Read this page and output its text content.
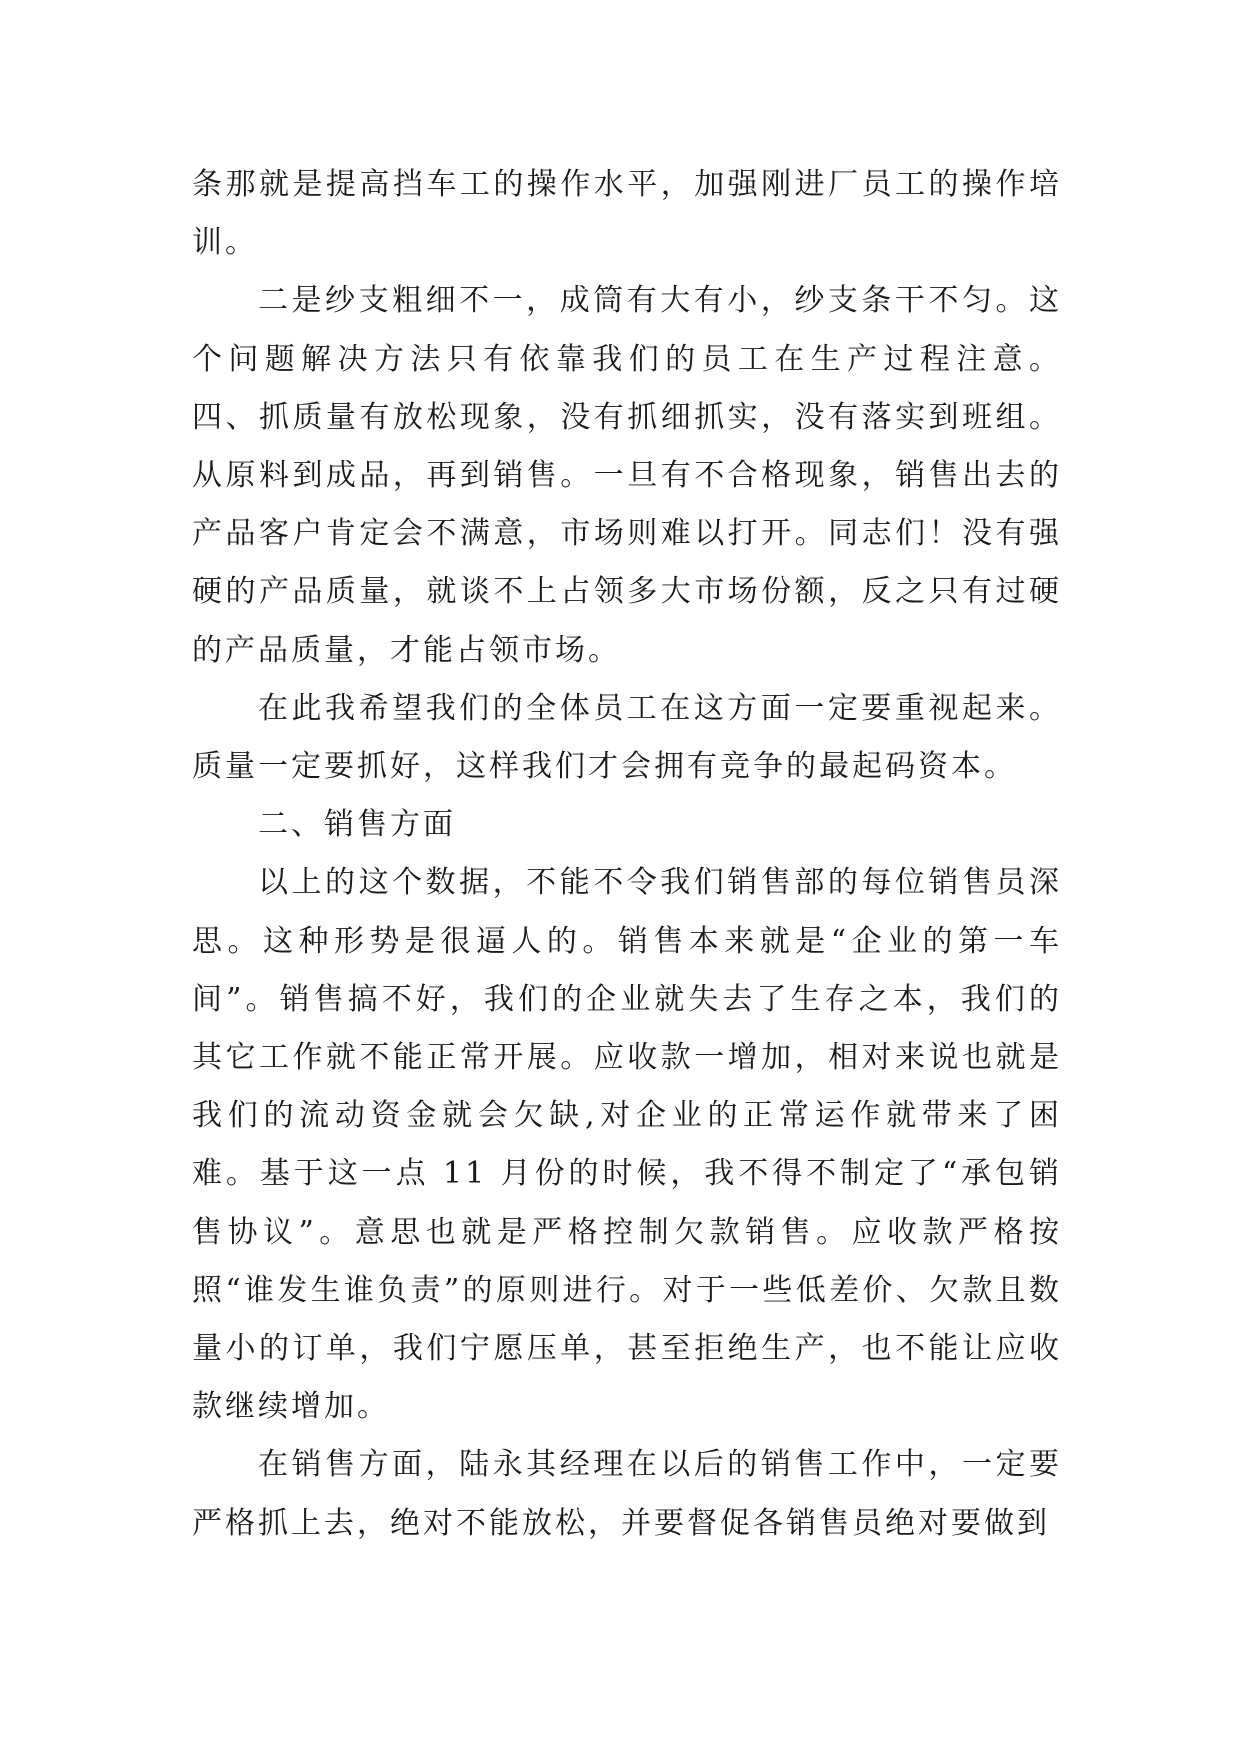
条那就是提高挡车工的操作水平，加强刚进厂员工的操作培训。

二是纱支粗细不一，成筒有大有小，纱支条干不匀。这个问题解决方法只有依靠我们的员工在生产过程注意。 四、抓质量有放松现象，没有抓细抓实，没有落实到班组。从原料到成品，再到销售。一旦有不合格现象，销售出去的产品客户肯定会不满意，市场则难以打开。同志们！没有强硬的产品质量，就谈不上占领多大市场份额，反之只有过硬的产品质量，才能占领市场。

在此我希望我们的全体员工在这方面一定要重视起来。质量一定要抓好，这样我们才会拥有竞争的最起码资本。

二、销售方面

以上的这个数据，不能不令我们销售部的每位销售员深思。这种形势是很逼人的。销售本来就是“企业的第一车间”。销售搞不好，我们的企业就失去了生存之本，我们的其它工作就不能正常开展。应收款一增加，相对来说也就是我们的流动资金就会欠缺,对企业的正常运作就带来了困难。基于这一点 11 月份的时候，我不得不制定了“承包销售协议”。意思也就是严格控制欠款销售。应收款严格按照“谁发生谁负责”的原则进行。对于一些低差价、欠款且数量小的订单，我们宁愿压单，甚至拒绝生产，也不能让应收款继续增加。

在销售方面，陆永其经理在以后的销售工作中，一定要严格抓上去，绝对不能放松，并要督促各销售员绝对要做到
